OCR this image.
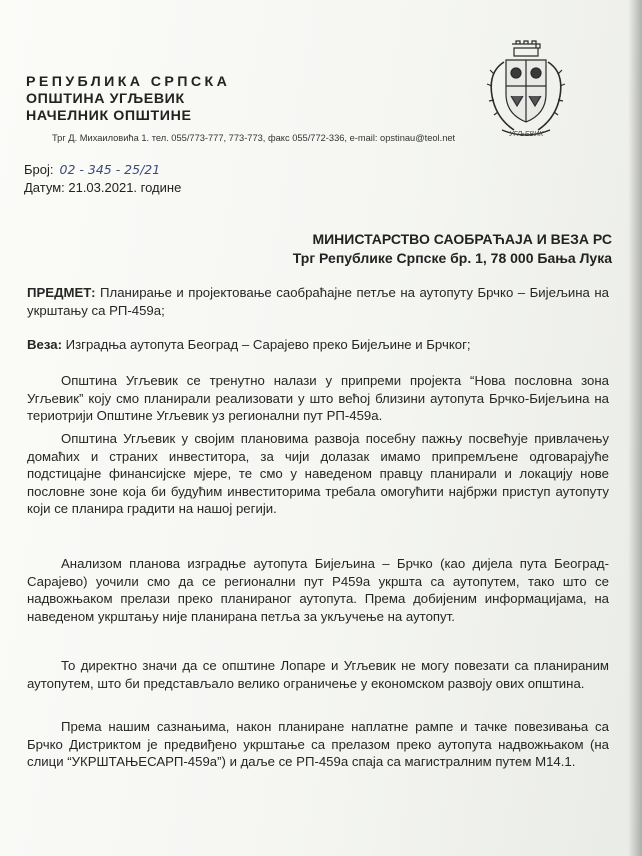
РЕПУБЛИКА СРПСКА
ОПШТИНА УГЉЕВИК
НАЧЕЛНИК ОПШТИНЕ
Трг Д. Михаиловића 1. тел. 055/773-777, 773-773, факс 055/772-336, e-mail: opstinau@teol.net	УГЉЕВИК
Број: 02 - 345 - 25/21
Датум: 21.03.2021. године
МИНИСТАРСТВО САОБРАЋАЈА И ВЕЗА РС
Трг Републике Српске бр. 1, 78 000 Бања Лука

ПРЕДМЕТ: Планирање и пројектовање саобраћајне петље на аутопуту Брчко – Бијељина на укрштању са РП-459а;

Веза: Изградња аутопута Београд – Сарајево преко Бијељине и Брчког;

Општина Угљевик се тренутно налази у припреми пројекта “Нова пословна зона Угљевик” коју смо планирали реализовати у што већој близини аутопута Брчко-Бијељина на териотрији Општине Угљевик уз регионални пут РП-459а.
Општина Угљевик у својим плановима развоја посебну пажњу посвећује привлачењу домаћих и страних инвеститора, за чији долазак имамо припремљене одговарајуће подстицајне финансијске мјере, те смо у наведеном правцу планирали и локацију нове пословне зоне која би будућим инвеститорима требала омогућити најбржи приступ аутопуту који се планира градити на нашој регији.
Анализом планова изградње аутопута Бијељина – Брчко (као дијела пута Београд-Сарајево) уочили смо да се регионални пут Р459а укршта са аутопутем, тако што се надвожњаком прелази преко планираног аутопута. Према добијеним информацијама, на наведеном укрштању није планирана петља за укључење на аутопут.
То директно значи да се општине Лопаре и Угљевик не могу повезати са планираним аутопутем, што би представљало велико ограничење у економском развоју ових општина.
Према нашим сазнањима, након планиране наплатне рампе и тачке повезивања са Брчко Дистриктом је предвиђено укрштање са прелазом преко аутопута надвожњаком (на слици “УКРШТАЊЕСАРП-459а”) и даље се РП-459а спаја са магистралним путем М14.1.
